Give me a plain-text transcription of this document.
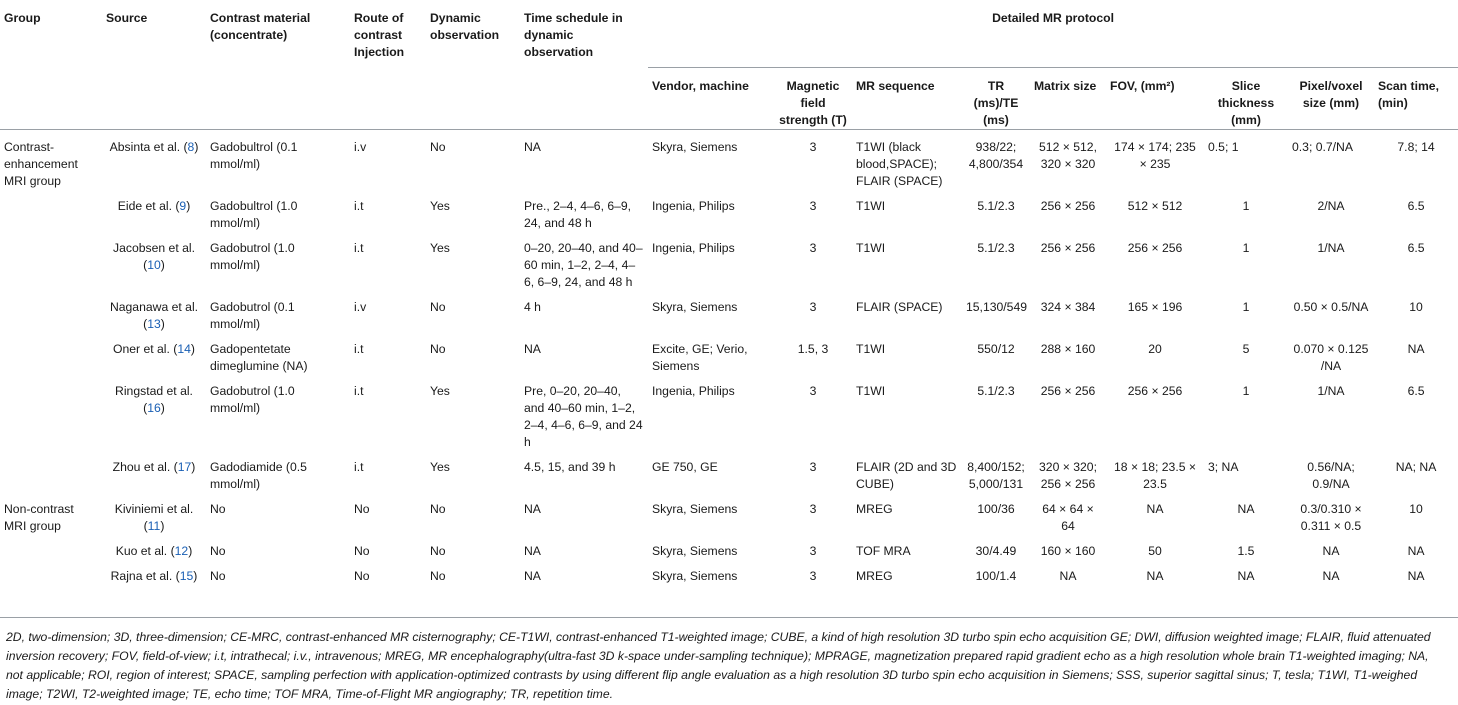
Group	Source	Contrast material (concentrate)	Route of contrast Injection	Dynamic observation	Time schedule in dynamic observation	Detailed MR protocol								
						Vendor, machine	Magnetic field strength (T)	MR sequence	TR (ms)/TE (ms)	Matrix size	FOV, (mm²)	Slice thickness (mm)	Pixel/voxel size (mm)	Scan time, (min)
Contrast-enhancement MRI group	Absinta et al. (8)	Gadobultrol (0.1 mmol/ml)	i.v	No	NA	Skyra, Siemens	3	T1WI (black blood,SPACE); FLAIR (SPACE)	938/22; 4,800/354	512 × 512, 320 × 320	174 × 174; 235 × 235	0.5; 1	0.3; 0.7/NA	7.8; 14
	Eide et al. (9)	Gadobultrol (1.0 mmol/ml)	i.t	Yes	Pre., 2–4, 4–6, 6–9, 24, and 48 h	Ingenia, Philips	3	T1WI	5.1/2.3	256 × 256	512 × 512	1	2/NA	6.5
	Jacobsen et al. (10)	Gadobutrol (1.0 mmol/ml)	i.t	Yes	0–20, 20–40, and 40–60 min, 1–2, 2–4, 4–6, 6–9, 24, and 48 h	Ingenia, Philips	3	T1WI	5.1/2.3	256 × 256	256 × 256	1	1/NA	6.5
	Naganawa et al. (13)	Gadobutrol (0.1 mmol/ml)	i.v	No	4 h	Skyra, Siemens	3	FLAIR (SPACE)	15,130/549	324 × 384	165 × 196	1	0.50 × 0.5/NA	10
	Oner et al. (14)	Gadopentetate dimeglumine (NA)	i.t	No	NA	Excite, GE; Verio, Siemens	1.5, 3	T1WI	550/12	288 × 160	20	5	0.070 × 0.125 /NA	NA
	Ringstad et al. (16)	Gadobutrol (1.0 mmol/ml)	i.t	Yes	Pre, 0–20, 20–40, and 40–60 min, 1–2, 2–4, 4–6, 6–9, and 24 h	Ingenia, Philips	3	T1WI	5.1/2.3	256 × 256	256 × 256	1	1/NA	6.5
	Zhou et al. (17)	Gadodiamide (0.5 mmol/ml)	i.t	Yes	4.5, 15, and 39 h	GE 750, GE	3	FLAIR (2D and 3D CUBE)	8,400/152; 5,000/131	320 × 320; 256 × 256	18 × 18; 23.5 × 23.5	3; NA	0.56/NA; 0.9/NA	NA; NA
Non-contrast MRI group	Kiviniemi et al. (11)	No	No	No	NA	Skyra, Siemens	3	MREG	100/36	64 × 64 × 64	NA	NA	0.3/0.310 × 0.311 × 0.5	10
	Kuo et al. (12)	No	No	No	NA	Skyra, Siemens	3	TOF MRA	30/4.49	160 × 160	50	1.5	NA	NA
	Rajna et al. (15)	No	No	No	NA	Skyra, Siemens	3	MREG	100/1.4	NA	NA	NA	NA	NA
2D, two-dimension; 3D, three-dimension; CE-MRC, contrast-enhanced MR cisternography; CE-T1WI, contrast-enhanced T1-weighted image; CUBE, a kind of high resolution 3D turbo spin echo acquisition GE; DWI, diffusion weighted image; FLAIR, fluid attenuated inversion recovery; FOV, field-of-view; i.t, intrathecal; i.v., intravenous; MREG, MR encephalography(ultra-fast 3D k-space under-sampling technique); MPRAGE, magnetization prepared rapid gradient echo as a high resolution whole brain T1-weighted imaging; NA, not applicable; ROI, region of interest; SPACE, sampling perfection with application-optimized contrasts by using different flip angle evaluation as a high resolution 3D turbo spin echo acquisition in Siemens; SSS, superior sagittal sinus; T, tesla; T1WI, T1-weighed image; T2WI, T2-weighted image; TE, echo time; TOF MRA, Time-of-Flight MR angiography; TR, repetition time.
